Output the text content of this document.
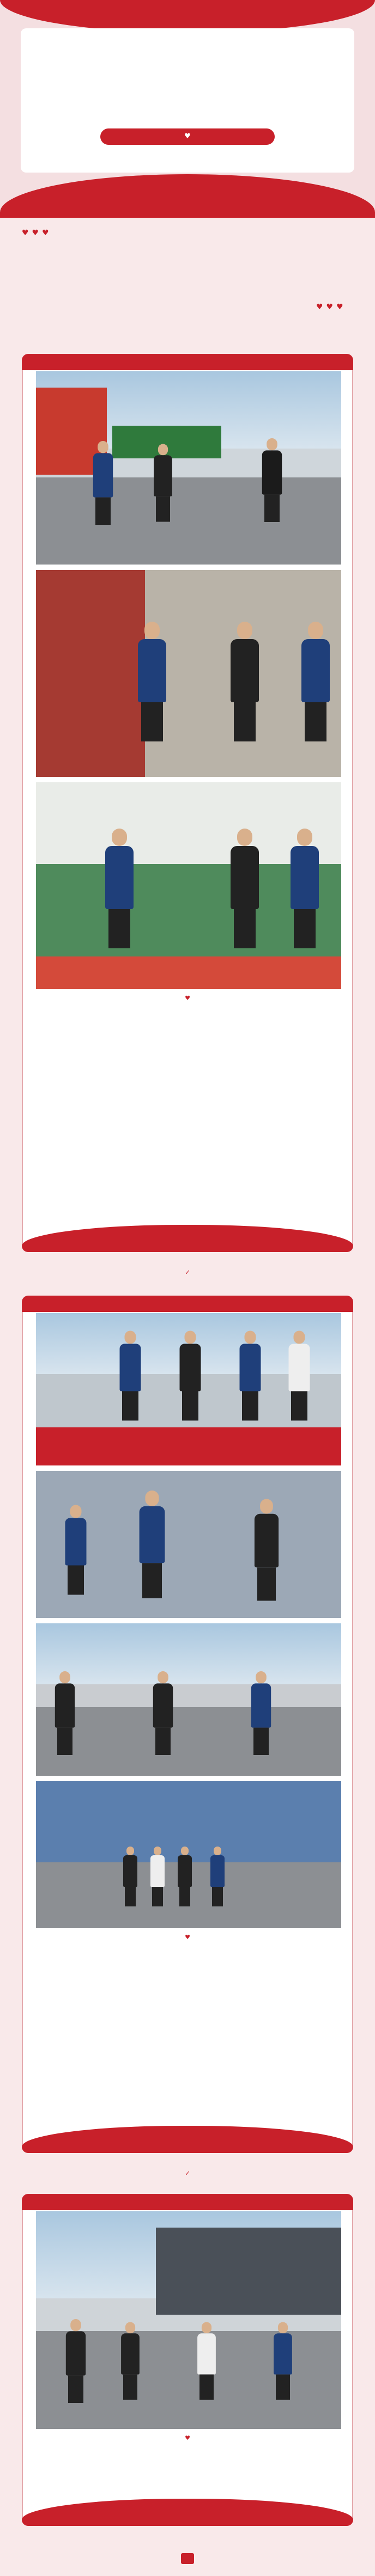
♥
♥♥♥
♥♥♥
♥
✓
♥
✓
♥
